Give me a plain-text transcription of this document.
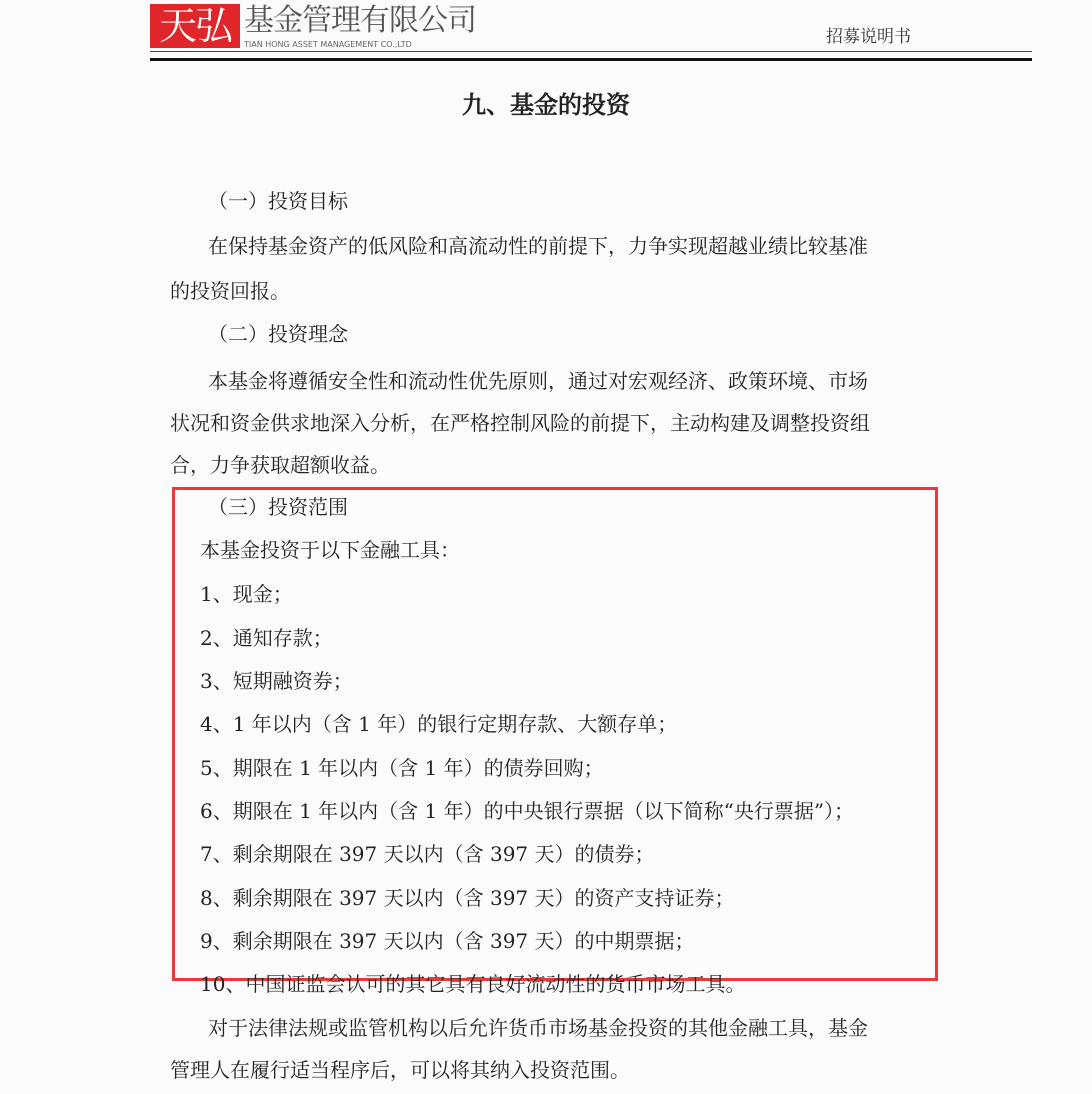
天弘 基金管理有限公司
TIAN HONG ASSET MANAGEMENT CO.,LTD	招募说明书
九、基金的投资
（一）投资目标
在保持基金资产的低风险和高流动性的前提下，力争实现超越业绩比较基准
的投资回报。
（二）投资理念
本基金将遵循安全性和流动性优先原则，通过对宏观经济、政策环境、市场
状况和资金供求地深入分析，在严格控制风险的前提下，主动构建及调整投资组
合，力争获取超额收益。
（三）投资范围
本基金投资于以下金融工具：
1、现金；
2、通知存款；
3、短期融资券；
4、1 年以内（含 1 年）的银行定期存款、大额存单；
5、期限在 1 年以内（含 1 年）的债券回购；
6、期限在 1 年以内（含 1 年）的中央银行票据（以下简称“央行票据”）；
7、剩余期限在 397 天以内（含 397 天）的债券；
8、剩余期限在 397 天以内（含 397 天）的资产支持证券；
9、剩余期限在 397 天以内（含 397 天）的中期票据；
10、中国证监会认可的其它具有良好流动性的货币市场工具。
对于法律法规或监管机构以后允许货币市场基金投资的其他金融工具，基金
管理人在履行适当程序后，可以将其纳入投资范围。
